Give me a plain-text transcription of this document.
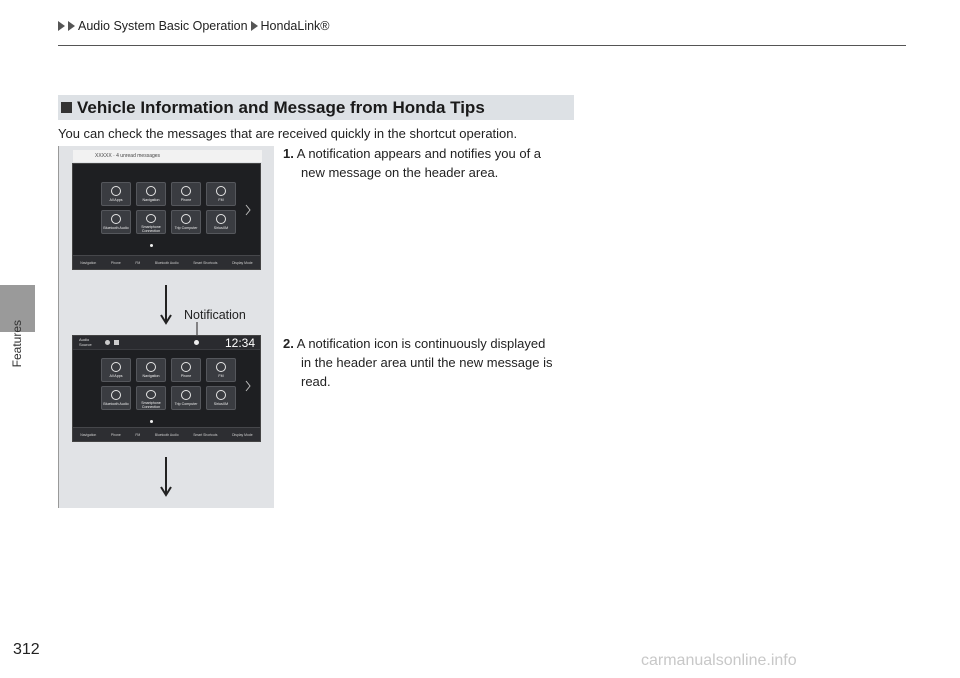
Audio System Basic Operation HondaLink®
Features
Vehicle Information and Message from Honda Tips
You can check the messages that are received quickly in the shortcut operation.
XXXXX · 4 unread messages
All Apps	Navigation	Phone	FM
Bluetooth Audio	Smartphone Connection
Trip Computer	SiriusXM
Navigation	Phone	FM	Bluetooth Audio	Smart Shortcuts	Display Mode
Notification
Audio
Source	12:34
All Apps	Navigation	Phone	FM
Bluetooth Audio	Smartphone Connection
Trip Computer	SiriusXM
Navigation	Phone	FM	Bluetooth Audio	Smart Shortcuts	Display Mode
1. A notification appears and notifies you of a
new message on the header area.
2. A notification icon is continuously displayed
in the header area until the new message is
read.
312
carmanualsonline.info
